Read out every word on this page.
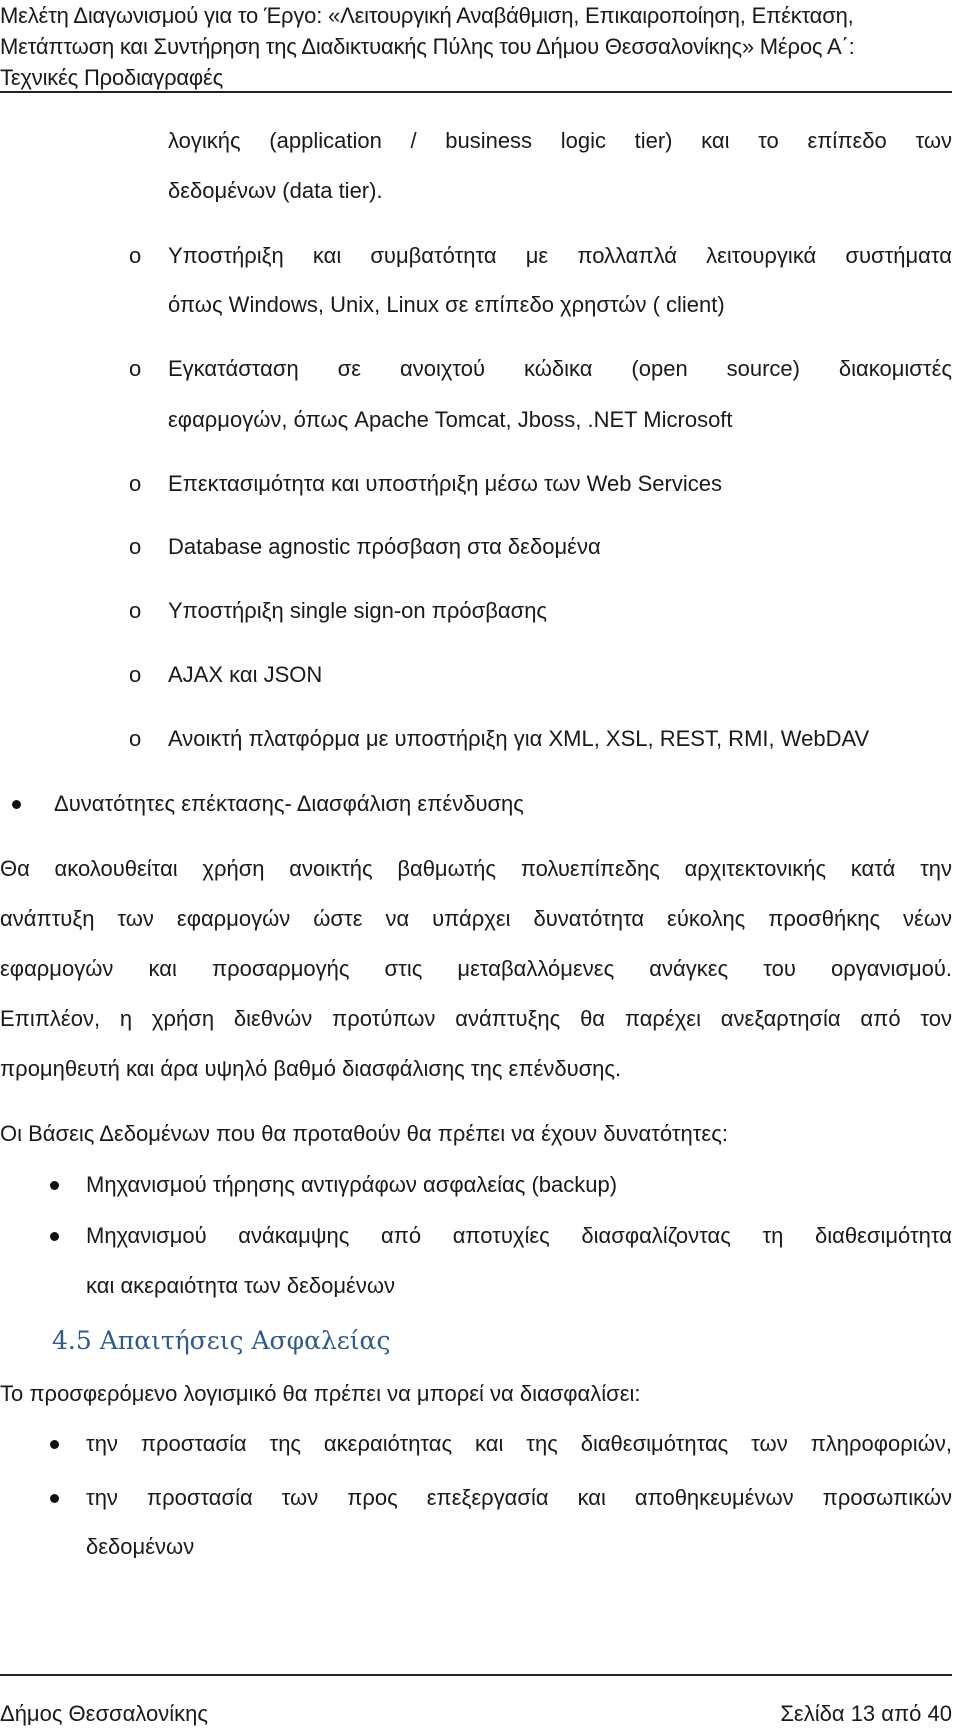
Μελέτη Διαγωνισμού για το Έργο: «Λειτουργική Αναβάθμιση, Επικαιροποίηση, Επέκταση,
Μετάπτωση και Συντήρηση της Διαδικτυακής Πύλης του Δήμου Θεσσαλονίκης» Μέρος Α΄:
Τεχνικές Προδιαγραφές
λογικής (application / business logic tier) και το επίπεδο των
δεδομένων (data tier).
o Υποστήριξη και συμβατότητα με πολλαπλά λειτουργικά συστήματα
όπως Windows, Unix, Linux σε επίπεδο χρηστών ( client)
o Εγκατάσταση σε ανοιχτού κώδικα (open source) διακομιστές
εφαρμογών, όπως Apache Tomcat, Jboss, .NET Microsoft
o Επεκτασιμότητα και υποστήριξη μέσω των Web Services
o Database agnostic πρόσβαση στα δεδομένα
o Υποστήριξη single sign-on πρόσβασης
o AJAX και JSON
o Ανοικτή πλατφόρμα με υποστήριξη για XML, XSL, REST, RMI, WebDAV
Δυνατότητες επέκτασης- Διασφάλιση επένδυσης
Θα ακολουθείται χρήση ανοικτής βαθμωτής πολυεπίπεδης αρχιτεκτονικής κατά την
ανάπτυξη των εφαρμογών ώστε να υπάρχει δυνατότητα εύκολης προσθήκης νέων
εφαρμογών και προσαρμογής στις μεταβαλλόμενες ανάγκες του οργανισμού.
Επιπλέον, η χρήση διεθνών προτύπων ανάπτυξης θα παρέχει ανεξαρτησία από τον
προμηθευτή και άρα υψηλό βαθμό διασφάλισης της επένδυσης.
Οι Βάσεις Δεδομένων που θα προταθούν θα πρέπει να έχουν δυνατότητες:
Μηχανισμού τήρησης αντιγράφων ασφαλείας (backup)
Μηχανισμού ανάκαμψης από αποτυχίες διασφαλίζοντας τη διαθεσιμότητα
και ακεραιότητα των δεδομένων
4.5 Απαιτήσεις Ασφαλείας
Το προσφερόμενο λογισμικό θα πρέπει να μπορεί να διασφαλίσει:
την προστασία της ακεραιότητας και της διαθεσιμότητας των πληροφοριών,
την προστασία των προς επεξεργασία και αποθηκευμένων προσωπικών
δεδομένων
Δήμος Θεσσαλονίκης	Σελίδα 13 από 40
